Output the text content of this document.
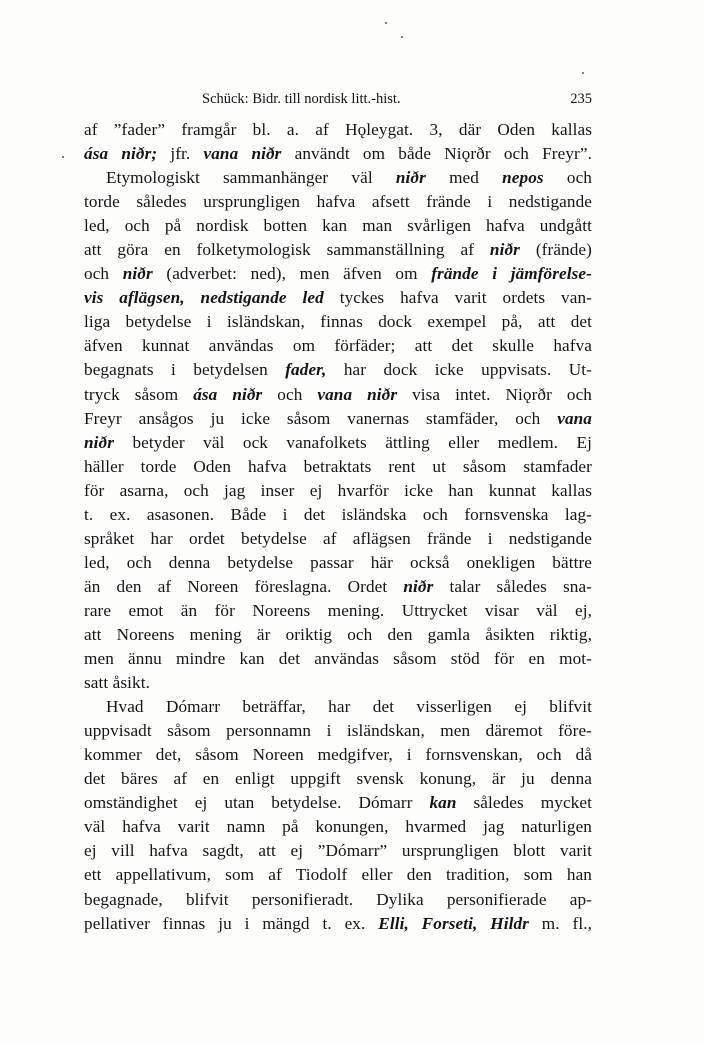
Schück: Bidr. till nordisk litt.-hist.	235
af ”fader” framgår bl. a. af Hǫleygat. 3, där Oden kallas
ása niðr; jfr. vana niðr användt om både Niǫrðr och Freyr”.
Etymologiskt sammanhänger väl niðr med nepos och
torde således ursprungligen hafva afsett frände i nedstigande
led, och på nordisk botten kan man svårligen hafva undgått
att göra en folketymologisk sammanställning af niðr (frände)
och niðr (adverbet: ned), men äfven om frände i jämförelse-
vis aflägsen, nedstigande led tyckes hafva varit ordets van-
liga betydelse i isländskan, finnas dock exempel på, att det
äfven kunnat användas om förfäder; att det skulle hafva
begagnats i betydelsen fader, har dock icke uppvisats. Ut-
tryck såsom ása niðr och vana niðr visa intet. Niǫrðr och
Freyr ansågos ju icke såsom vanernas stamfäder, och vana
niðr betyder väl ock vanafolkets ättling eller medlem. Ej
häller torde Oden hafva betraktats rent ut såsom stamfader
för asarna, och jag inser ej hvarför icke han kunnat kallas
t. ex. asasonen. Både i det isländska och fornsvenska lag-
språket har ordet betydelse af aflägsen frände i nedstigande
led, och denna betydelse passar här också onekligen bättre
än den af Noreen föreslagna. Ordet niðr talar således sna-
rare emot än för Noreens mening. Uttrycket visar väl ej,
att Noreens mening är oriktig och den gamla åsikten riktig,
men ännu mindre kan det användas såsom stöd för en mot-
satt åsikt.
Hvad Dómarr beträffar, har det visserligen ej blifvit
uppvisadt såsom personnamn i isländskan, men däremot före-
kommer det, såsom Noreen medgifver, i fornsvenskan, och då
det bäres af en enligt uppgift svensk konung, är ju denna
omständighet ej utan betydelse. Dómarr kan således mycket
väl hafva varit namn på konungen, hvarmed jag naturligen
ej vill hafva sagdt, att ej ”Dómarr” ursprungligen blott varit
ett appellativum, som af Tiodolf eller den tradition, som han
begagnade, blifvit personifieradt. Dylika personifierade ap-
pellativer finnas ju i mängd t. ex. Elli, Forseti, Hildr m. fl.,
